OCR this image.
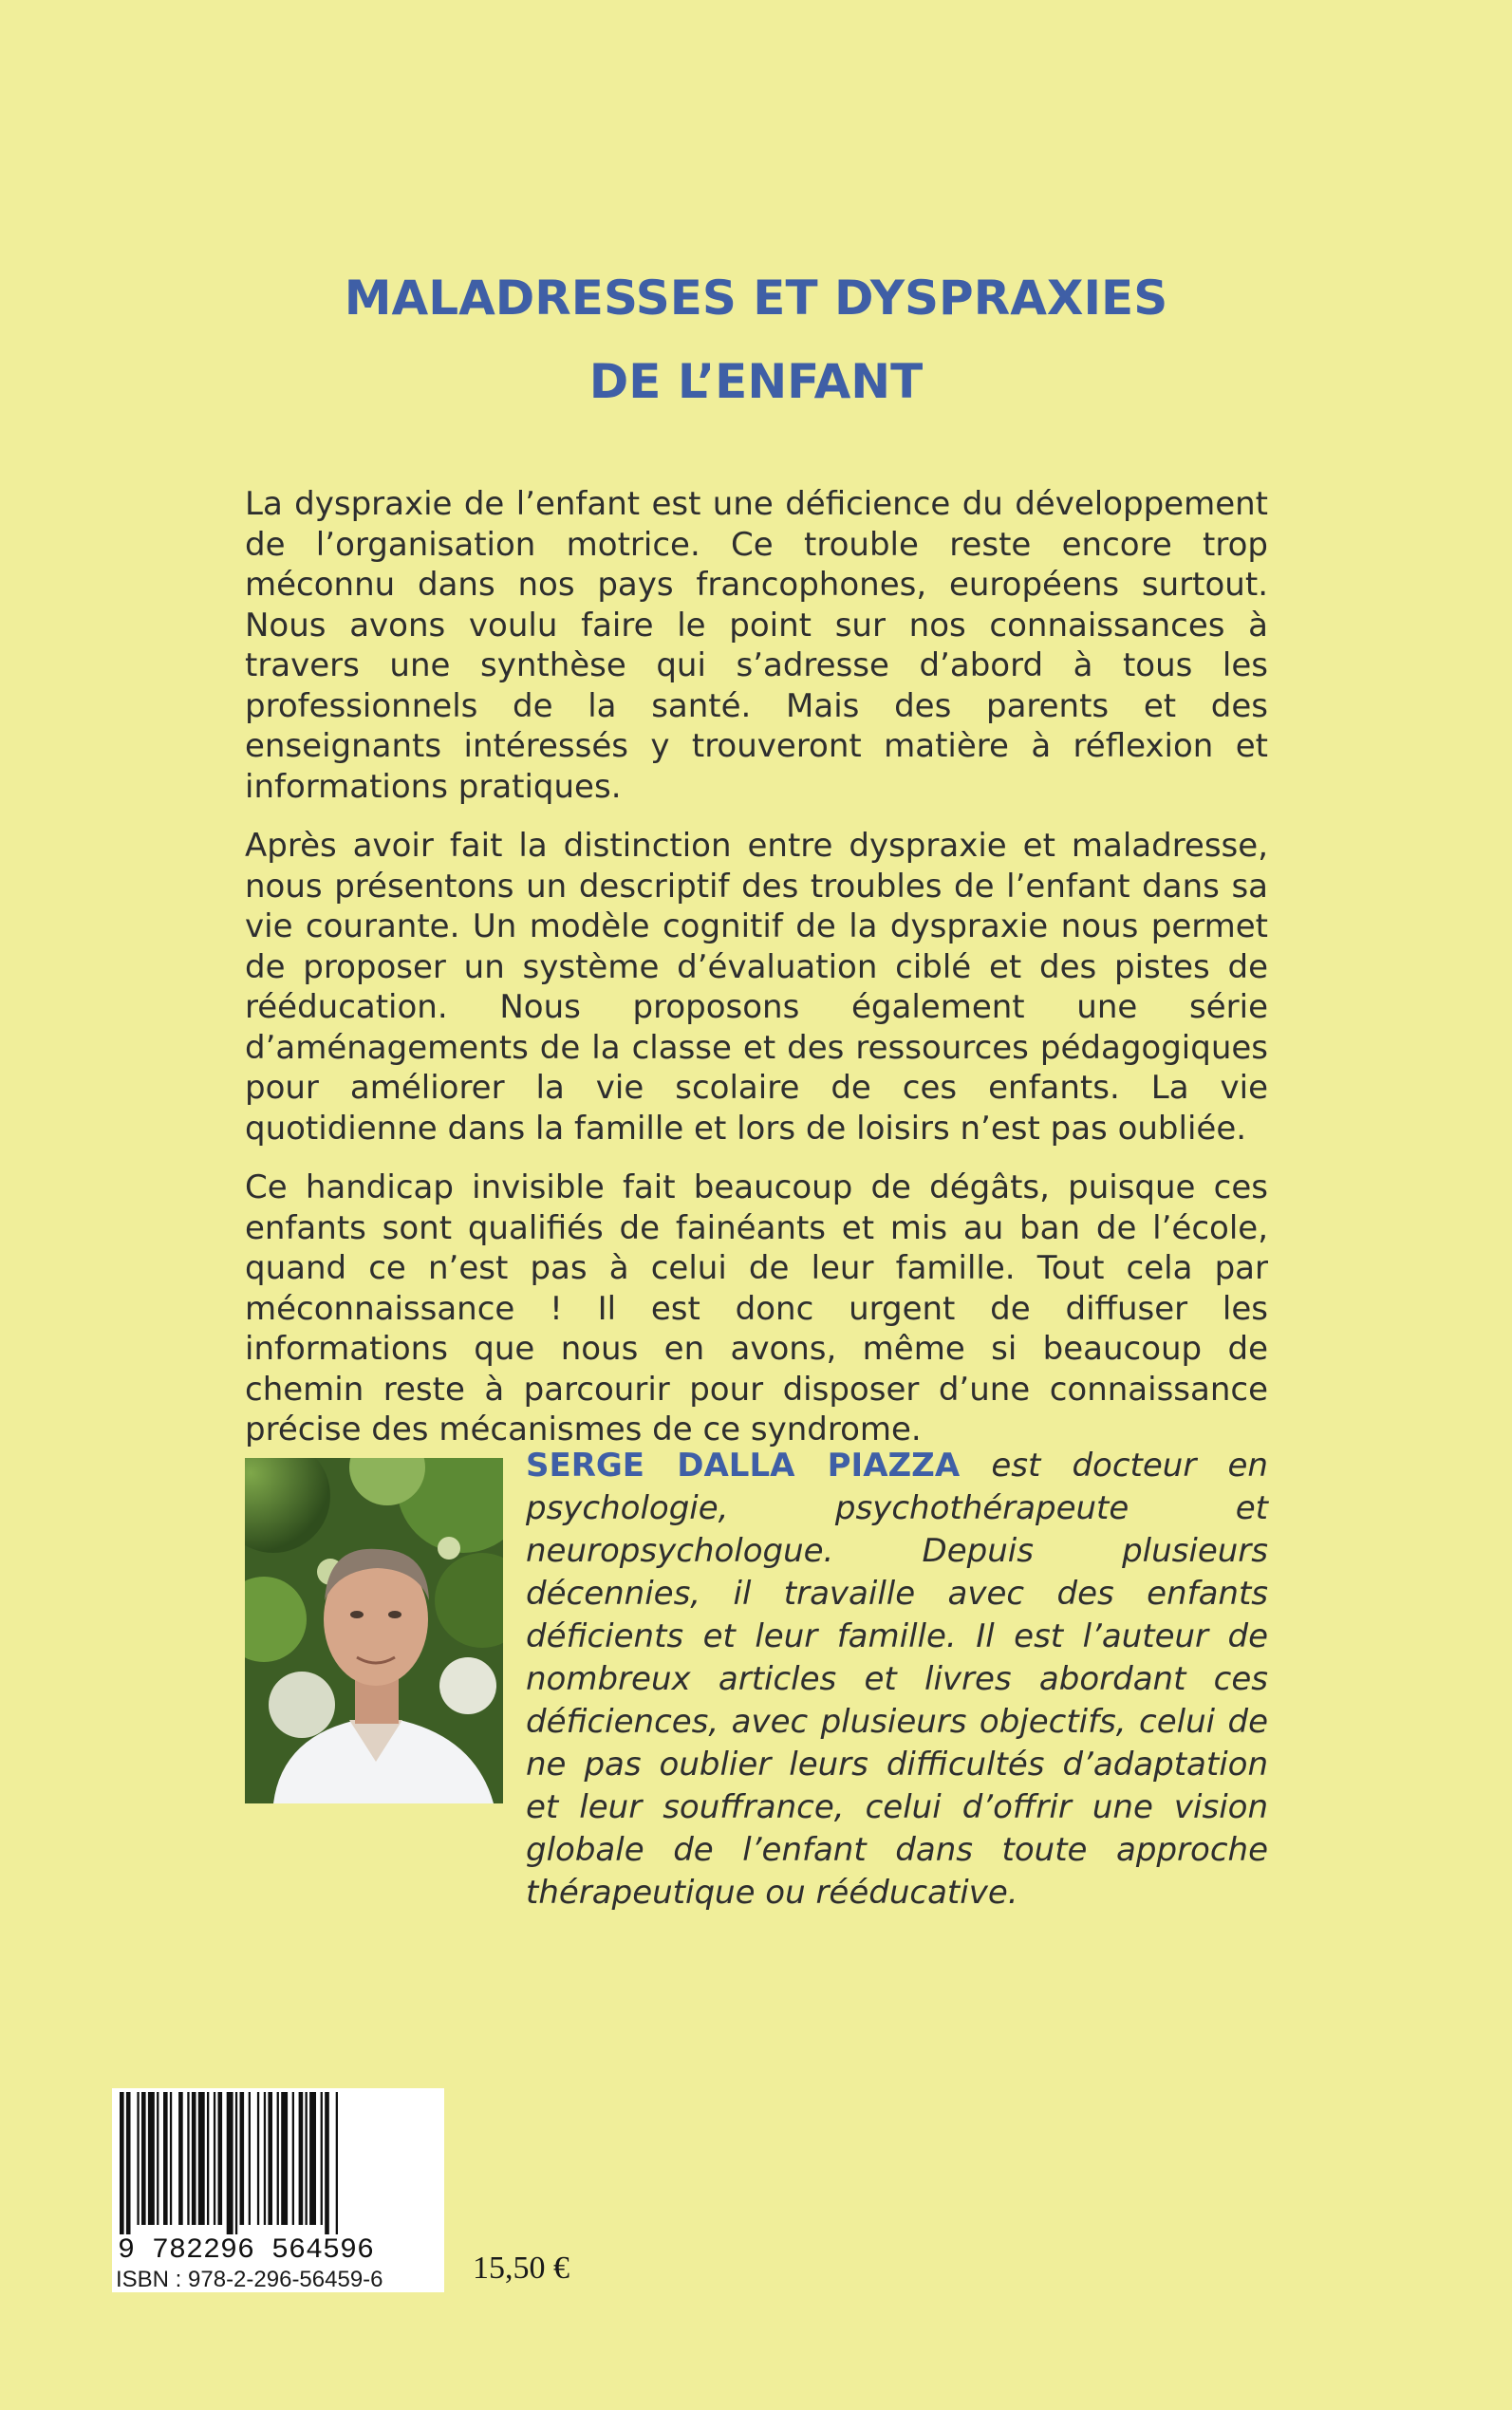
MALADRESSES ET DYSPRAXIES
DE L’ENFANT

La dyspraxie de l’enfant est une déficience du développement de l’organisation motrice. Ce trouble reste encore trop méconnu dans nos pays francophones, européens surtout. Nous avons voulu faire le point sur nos connaissances à travers une synthèse qui s’adresse d’abord à tous les professionnels de la santé. Mais des parents et des enseignants intéressés y trouveront matière à réflexion et informations pratiques.

Après avoir fait la distinction entre dyspraxie et maladresse, nous présentons un descriptif des troubles de l’enfant dans sa vie courante. Un modèle cognitif de la dyspraxie nous permet de proposer un système d’évaluation ciblé et des pistes de rééducation. Nous proposons également une série d’aménagements de la classe et des ressources pédagogiques pour améliorer la vie scolaire de ces enfants. La vie quotidienne dans la famille et lors de loisirs n’est pas oubliée.

Ce handicap invisible fait beaucoup de dégâts, puisque ces enfants sont qualifiés de fainéants et mis au ban de l’école, quand ce n’est pas à celui de leur famille. Tout cela par méconnaissance ! Il est donc urgent de diffuser les informations que nous en avons, même si beaucoup de chemin reste à parcourir pour disposer d’une connaissance précise des mécanismes de ce syndrome.

SERGE DALLA PIAZZA est docteur en psychologie, psychothérapeute et neuropsychologue. Depuis plusieurs décennies, il travaille avec des enfants déficients et leur famille. Il est l’auteur de nombreux articles et livres abordant ces déficiences, avec plusieurs objectifs, celui de ne pas oublier leurs difficultés d’adaptation et leur souffrance, celui d’offrir une vision globale de l’enfant dans toute approche thérapeutique ou rééducative.

9 782296 564596
ISBN : 978-2-296-56459-6	15,50 €
